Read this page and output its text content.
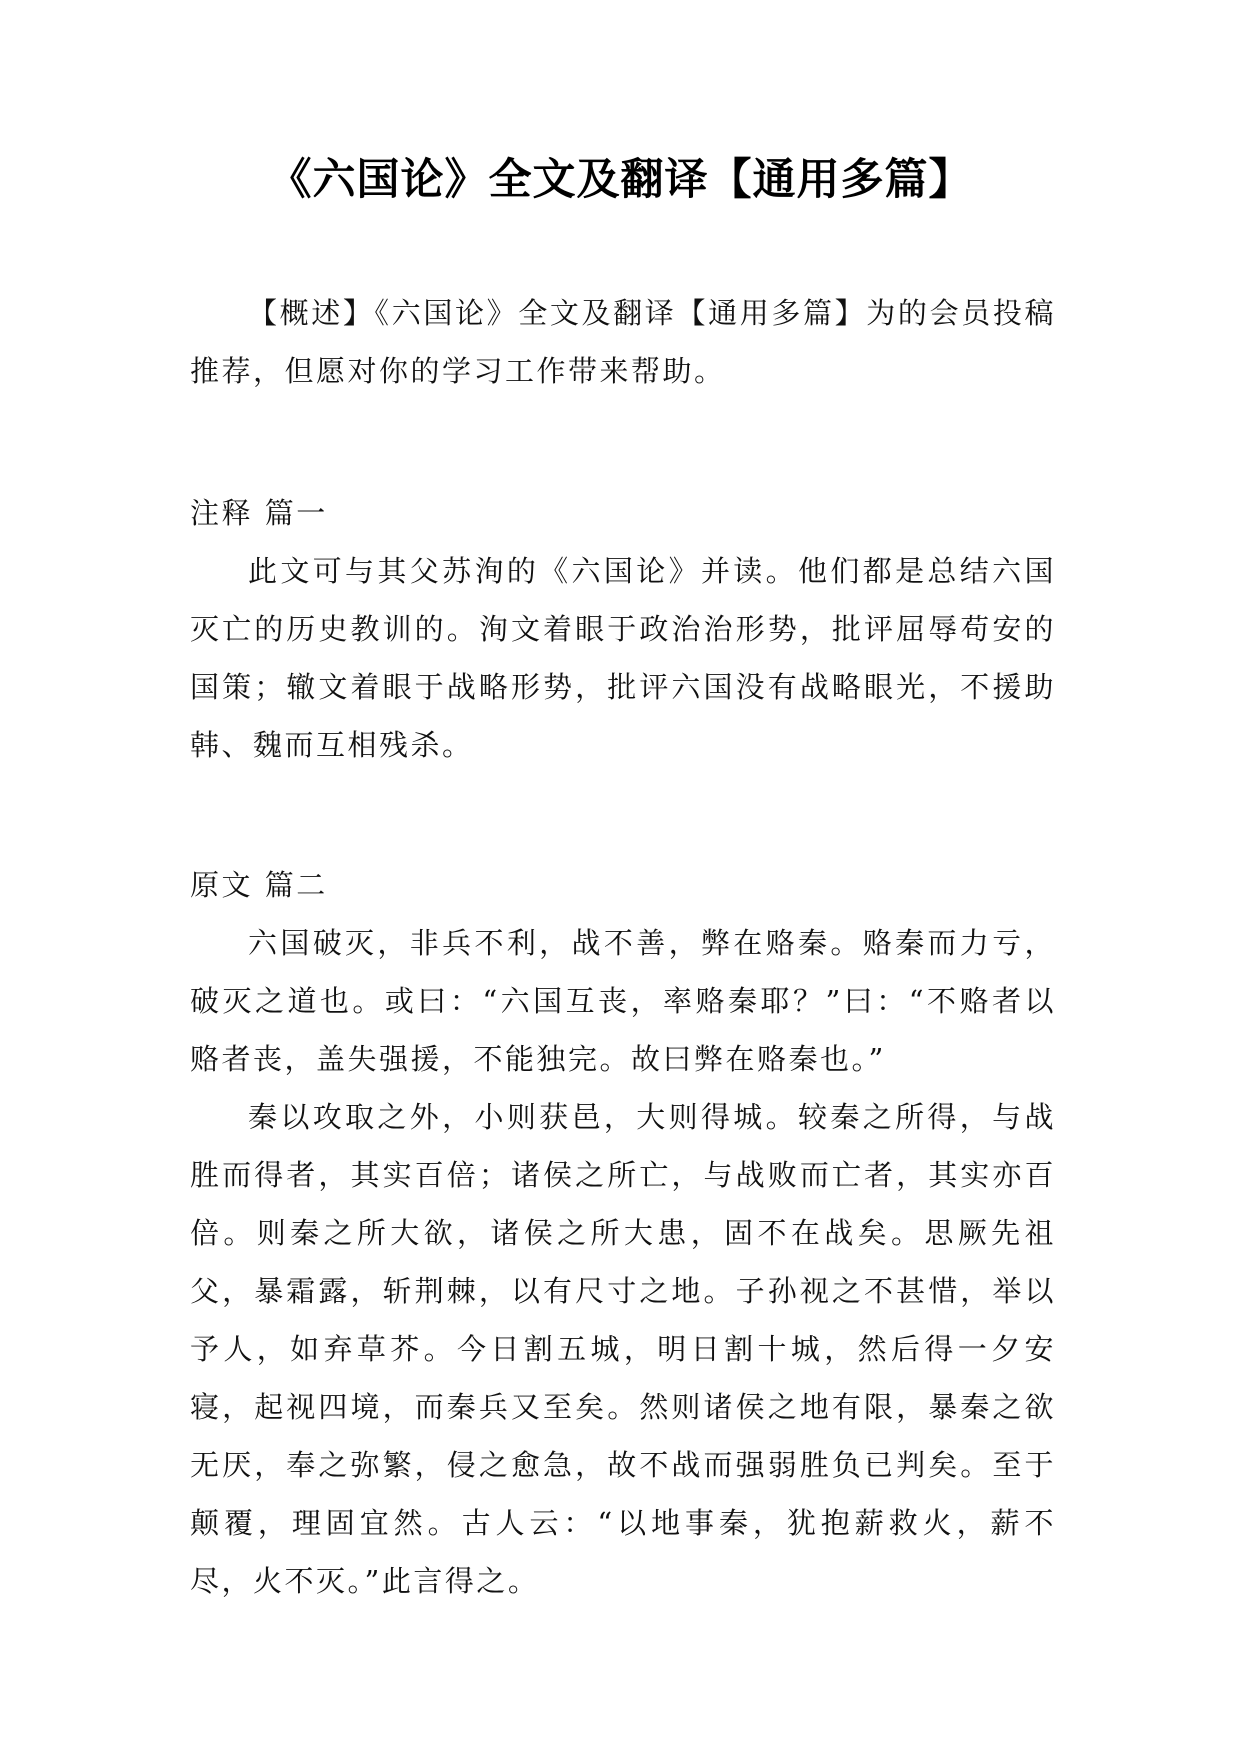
《六国论》全文及翻译【通用多篇】

【概述】《六国论》全文及翻译【通用多篇】为的会员投稿推荐，但愿对你的学习工作带来帮助。

注释 篇一

此文可与其父苏洵的《六国论》并读。他们都是总结六国灭亡的历史教训的。洵文着眼于政治治形势，批评屈辱苟安的国策；辙文着眼于战略形势，批评六国没有战略眼光，不援助韩、魏而互相残杀。

原文 篇二

六国破灭，非兵不利，战不善，弊在赂秦。赂秦而力亏，破灭之道也。或曰：“六国互丧，率赂秦耶？”曰：“不赂者以赂者丧，盖失强援，不能独完。故曰弊在赂秦也。”

秦以攻取之外，小则获邑，大则得城。较秦之所得，与战胜而得者，其实百倍；诸侯之所亡，与战败而亡者，其实亦百倍。则秦之所大欲，诸侯之所大患，固不在战矣。思厥先祖父，暴霜露，斩荆棘，以有尺寸之地。子孙视之不甚惜，举以予人，如弃草芥。今日割五城，明日割十城，然后得一夕安寝，起视四境，而秦兵又至矣。然则诸侯之地有限，暴秦之欲无厌，奉之弥繁，侵之愈急，故不战而强弱胜负已判矣。至于颠覆，理固宜然。古人云：“以地事秦，犹抱薪救火，薪不尽，火不灭。”此言得之。
